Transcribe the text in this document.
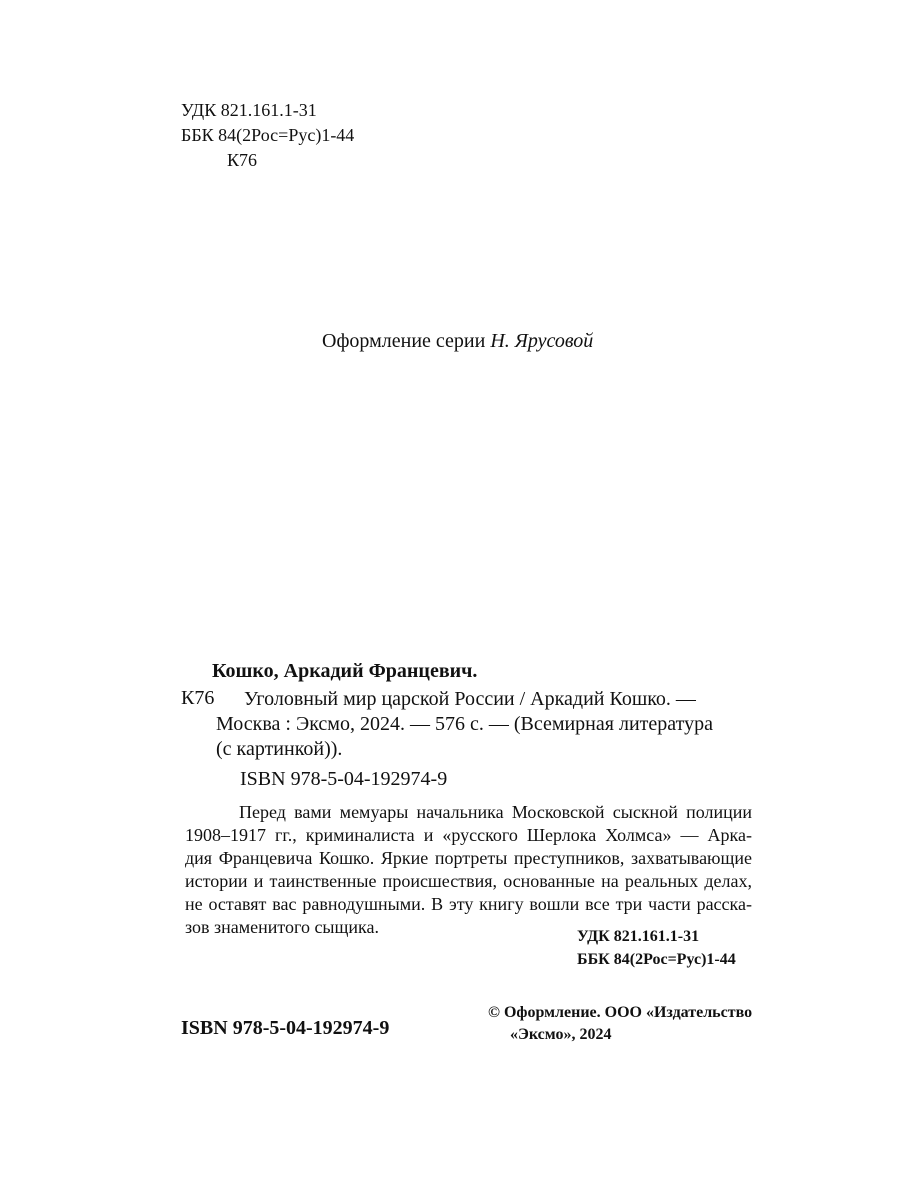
УДК 821.161.1-31
ББК 84(2Рос=Рус)1-44
К76
Оформление серии Н. Ярусовой
Кошко, Аркадий Францевич.
К76 Уголовный мир царской России / Аркадий Кошко. —
Москва : Эксмо, 2024. — 576 с. — (Всемирная литература
(с картинкой)).
ISBN 978-5-04-192974-9
Перед вами мемуары начальника Московской сыскной полиции
1908–1917 гг., криминалиста и «русского Шерлока Холмса» — Арка-
дия Францевича Кошко. Яркие портреты преступников, захватывающие
истории и таинственные происшествия, основанные на реальных делах,
не оставят вас равнодушными. В эту книгу вошли все три части расска-
зов знаменитого сыщика.	УДК 821.161.1-31
ББК 84(2Рос=Рус)1-44
© Оформление. ООО «Издательство
«Эксмо», 2024
ISBN 978-5-04-192974-9
